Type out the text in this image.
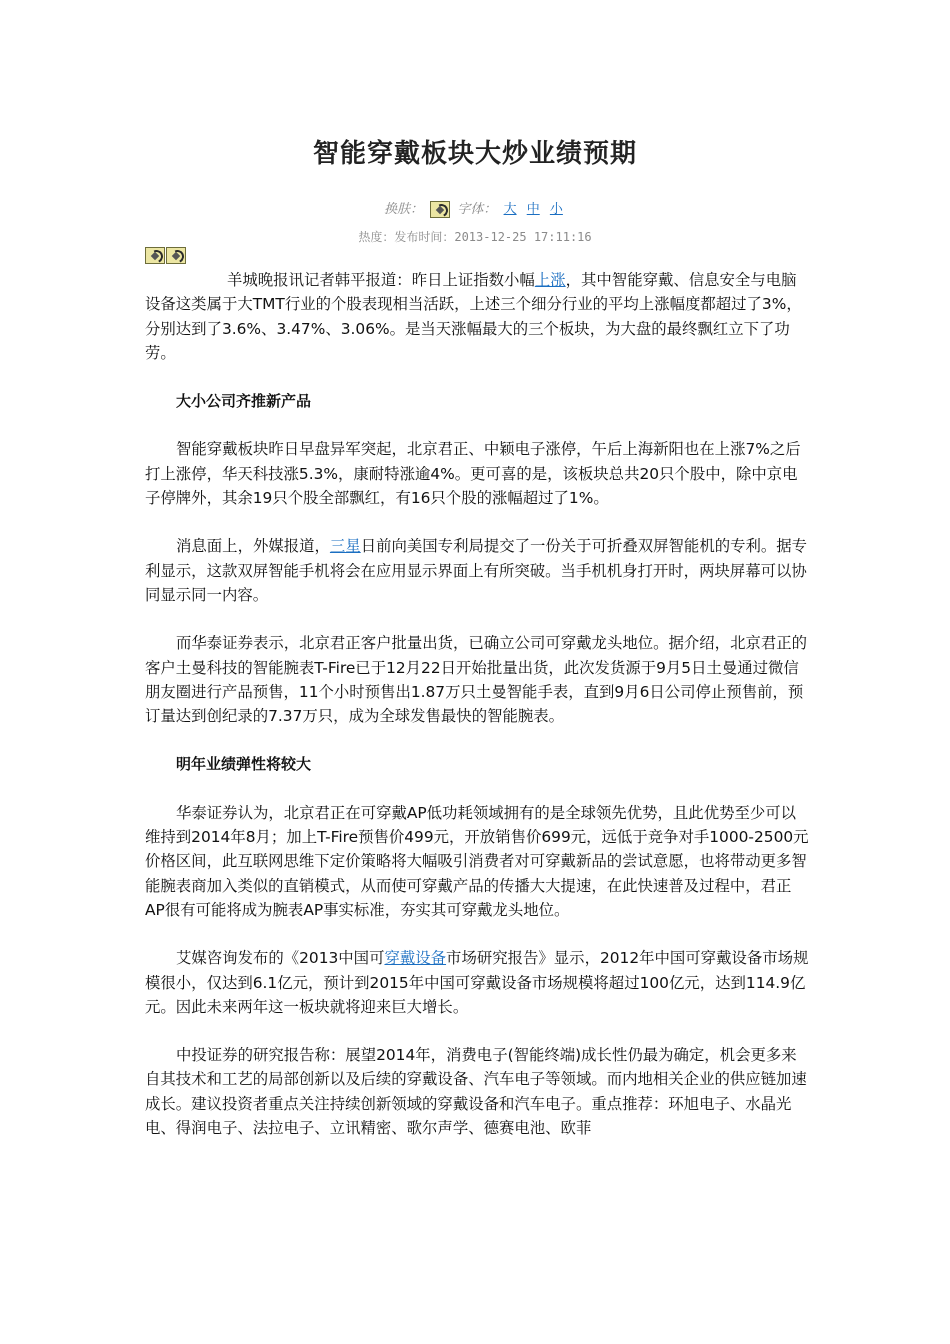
智能穿戴板块大炒业绩预期
换肤：	字体： 大 中 小
热度：发布时间：2013-12-25 17:11:16

羊城晚报讯记者韩平报道：昨日上证指数小幅上涨，其中智能穿戴、信息安全与电脑设备这类属于大TMT行业的个股表现相当活跃，上述三个细分行业的平均上涨幅度都超过了3%，分别达到了3.6%、3.47%、3.06%。是当天涨幅最大的三个板块，为大盘的最终飘红立下了功劳。

大小公司齐推新产品

智能穿戴板块昨日早盘异军突起，北京君正、中颖电子涨停，午后上海新阳也在上涨7%之后打上涨停，华天科技涨5.3%，康耐特涨逾4%。更可喜的是，该板块总共20只个股中，除中京电子停牌外，其余19只个股全部飘红，有16只个股的涨幅超过了1%。

消息面上，外媒报道，三星日前向美国专利局提交了一份关于可折叠双屏智能机的专利。据专利显示，这款双屏智能手机将会在应用显示界面上有所突破。当手机机身打开时，两块屏幕可以协同显示同一内容。

而华泰证券表示，北京君正客户批量出货，已确立公司可穿戴龙头地位。据介绍，北京君正的客户土曼科技的智能腕表T-Fire已于12月22日开始批量出货，此次发货源于9月5日土曼通过微信朋友圈进行产品预售，11个小时预售出1.87万只土曼智能手表，直到9月6日公司停止预售前，预订量达到创纪录的7.37万只，成为全球发售最快的智能腕表。

明年业绩弹性将较大

华泰证券认为，北京君正在可穿戴AP低功耗领域拥有的是全球领先优势，且此优势至少可以维持到2014年8月；加上T-Fire预售价499元，开放销售价699元，远低于竞争对手1000-2500元价格区间，此互联网思维下定价策略将大幅吸引消费者对可穿戴新品的尝试意愿，也将带动更多智能腕表商加入类似的直销模式，从而使可穿戴产品的传播大大提速，在此快速普及过程中，君正AP很有可能将成为腕表AP事实标准，夯实其可穿戴龙头地位。

艾媒咨询发布的《2013中国可穿戴设备市场研究报告》显示，2012年中国可穿戴设备市场规模很小，仅达到6.1亿元，预计到2015年中国可穿戴设备市场规模将超过100亿元，达到114.9亿元。因此未来两年这一板块就将迎来巨大增长。

中投证券的研究报告称：展望2014年，消费电子(智能终端)成长性仍最为确定，机会更多来自其技术和工艺的局部创新以及后续的穿戴设备、汽车电子等领域。而内地相关企业的供应链加速成长。建议投资者重点关注持续创新领域的穿戴设备和汽车电子。重点推荐：环旭电子、水晶光电、得润电子、法拉电子、立讯精密、歌尔声学、德赛电池、欧菲
